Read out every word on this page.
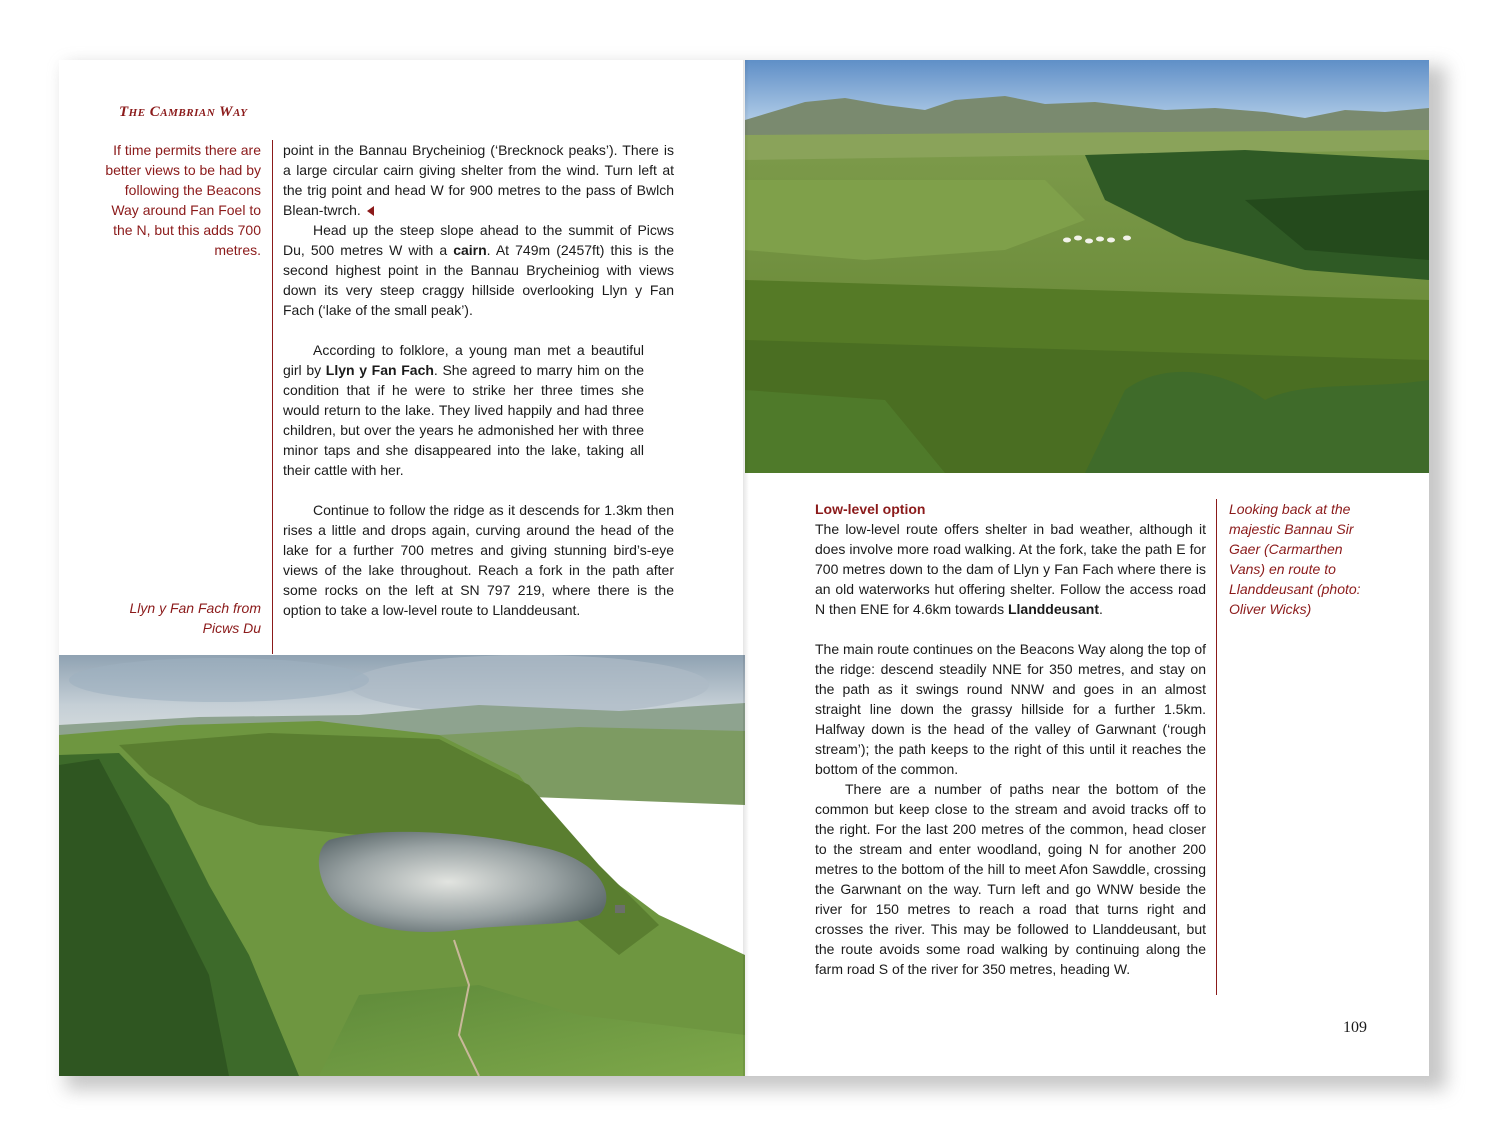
The Cambrian Way
If time permits there are better views to be had by following the Beacons Way around Fan Foel to the N, but this adds 700 metres.

point in the Bannau Brycheiniog (‘Brecknock peaks’). There is a large circular cairn giving shelter from the wind. Turn left at the trig point and head W for 900 metres to the pass of Bwlch Blean-twrch.

Head up the steep slope ahead to the summit of Picws Du, 500 metres W with a cairn. At 749m (2457ft) this is the second highest point in the Bannau Brycheiniog with views down its very steep craggy hillside overlooking Llyn y Fan Fach (‘lake of the small peak’).

According to folklore, a young man met a beautiful girl by Llyn y Fan Fach. She agreed to marry him on the condition that if he were to strike her three times she would return to the lake. They lived happily and had three children, but over the years he admonished her with three minor taps and she disappeared into the lake, taking all their cattle with her.

Continue to follow the ridge as it descends for 1.3km then rises a little and drops again, curving around the head of the lake for a further 700 metres and giving stunning bird’s-eye views of the lake throughout. Reach a fork in the path after some rocks on the left at SN 797 219, where there is the option to take a low-level route to Llanddeusant.

Llyn y Fan Fach from Picws Du

Low-level option

The low-level route offers shelter in bad weather, although it does involve more road walking. At the fork, take the path E for 700 metres down to the dam of Llyn y Fan Fach where there is an old waterworks hut offering shelter. Follow the access road N then ENE for 4.6km towards Llanddeusant.

The main route continues on the Beacons Way along the top of the ridge: descend steadily NNE for 350 metres, and stay on the path as it swings round NNW and goes in an almost straight line down the grassy hillside for a further 1.5km. Halfway down is the head of the valley of Garwnant (‘rough stream’); the path keeps to the right of this until it reaches the bottom of the common.

There are a number of paths near the bottom of the common but keep close to the stream and avoid tracks off to the right. For the last 200 metres of the common, head closer to the stream and enter woodland, going N for another 200 metres to the bottom of the hill to meet Afon Sawddle, crossing the Garwnant on the way. Turn left and go WNW beside the river for 150 metres to reach a road that turns right and crosses the river. This may be followed to Llanddeusant, but the route avoids some road walking by continuing along the farm road S of the river for 350 metres, heading W.

Looking back at the majestic Bannau Sir Gaer (Carmarthen Vans) en route to Llanddeusant (photo: Oliver Wicks)
109
